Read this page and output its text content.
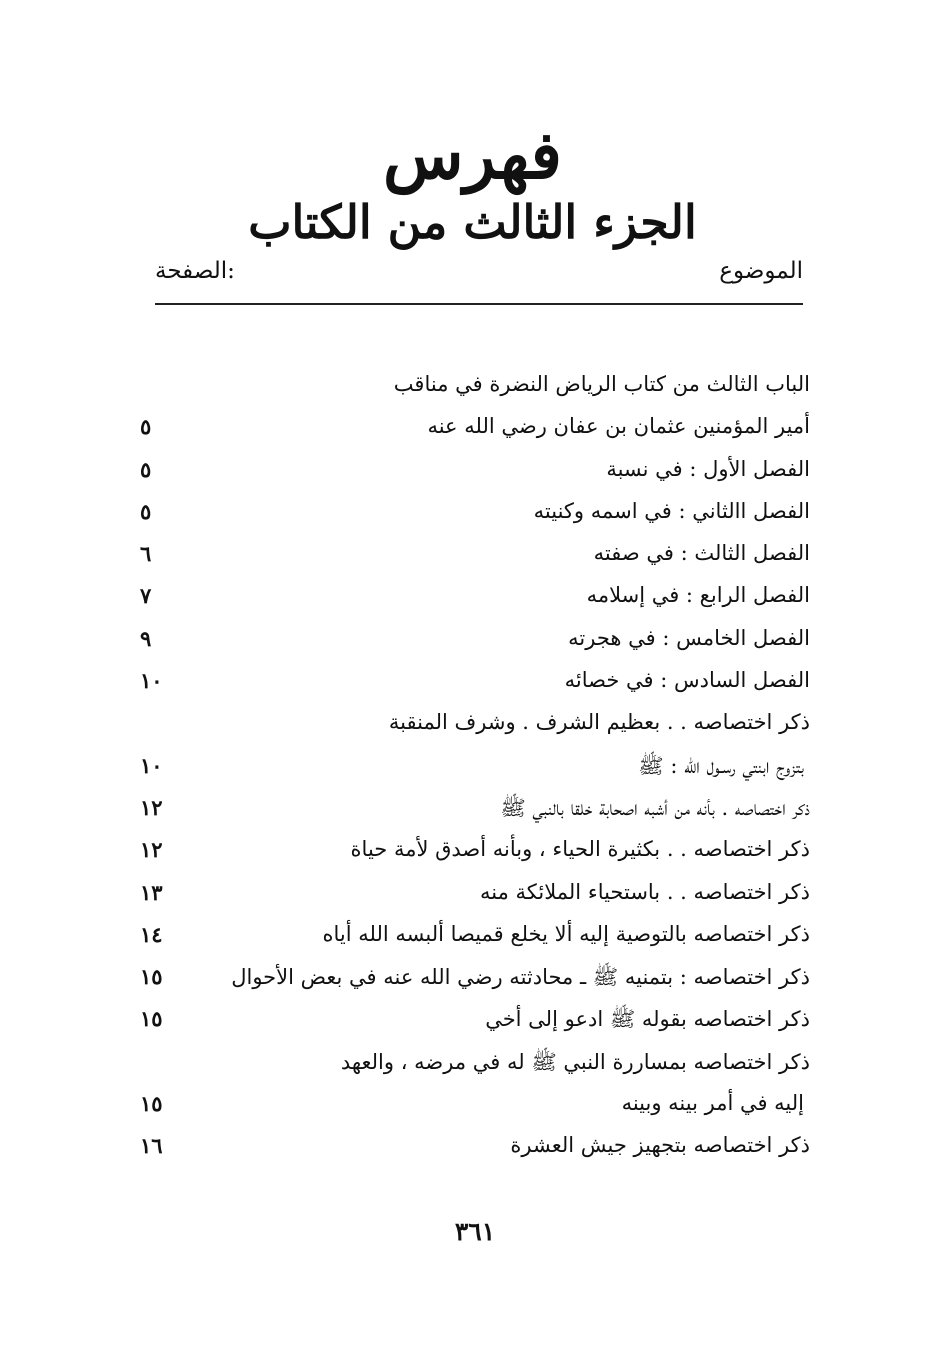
فهرس
الجزء الثالث من الكتاب
الموضوع
:الصفحة
الباب الثالث من كتاب الرياض النضرة في مناقب
أمير المؤمنين عثمان بن عفان رضي الله عنه
٥
الفصل الأول : في نسبة
٥
الفصل االثاني : في اسمه وكنيته
٥
الفصل الثالث : في صفته
٦
الفصل الرابع : في إسلامه
٧
الفصل الخامس : في هجرته
٩
الفصل السادس : في خصائه
١٠
ذكر اختصاصه . . بعظيم الشرف . وشرف المنقبة
بتزوج ابنتي رسـول الله : ﷺ
١٠
ذكر اختصاصه . بأنه من أشبه اصحابة خلقا بالنبي ﷺ
١٢
ذكر اختصاصه . . بكثيرة الحياء ، وبأنه أصدق لأمة حياة
١٢
ذكر اختصاصه . . باستحياء الملائكة منه
١٣
ذكر اختصاصه بالتوصية إليه ألا يخلع قميصا ألبسه الله أياه
١٤
ذكر اختصاصه : بتمنيه ﷺ ـ محادثته رضي الله عنه في بعض الأحوال
١٥
ذكر اختصاصه بقوله ﷺ ادعو إلى أخي
١٥
ذكر اختصاصه بمساررة النبي ﷺ له في مرضه ، والعهد
إليه في أمر بينه وبينه
١٥
ذكر اختصاصه بتجهيز جيش العشرة
١٦
٣٦١
